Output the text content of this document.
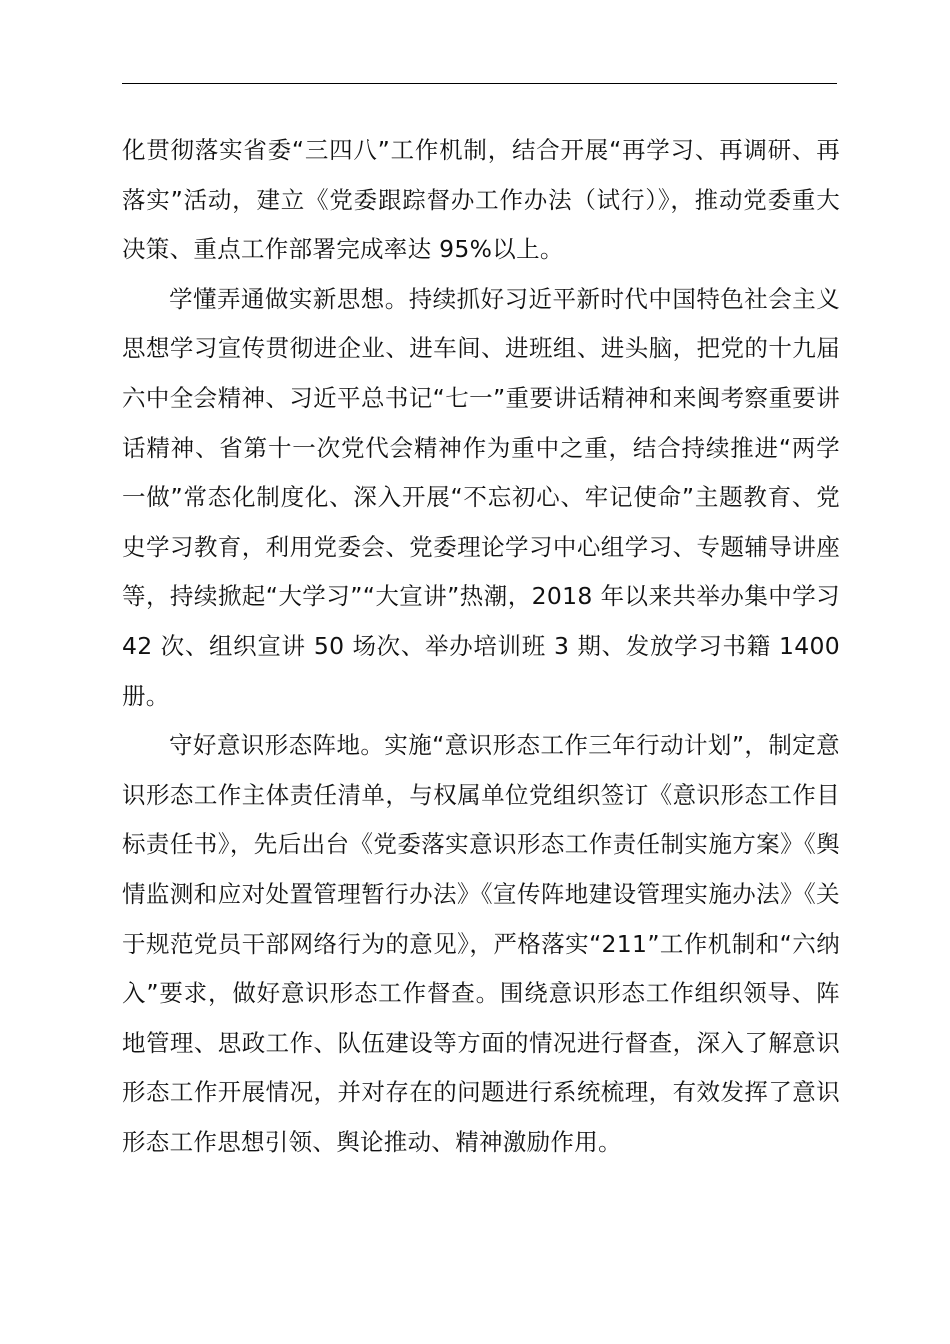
化贯彻落实省委“三四八”工作机制，结合开展“再学习、再调研、再落实”活动，建立《党委跟踪督办工作办法（试行）》，推动党委重大决策、重点工作部署完成率达 95%以上。

学懂弄通做实新思想。持续抓好习近平新时代中国特色社会主义思想学习宣传贯彻进企业、进车间、进班组、进头脑，把党的十九届六中全会精神、习近平总书记“七一”重要讲话精神和来闽考察重要讲话精神、省第十一次党代会精神作为重中之重，结合持续推进“两学一做”常态化制度化、深入开展“不忘初心、牢记使命”主题教育、党史学习教育，利用党委会、党委理论学习中心组学习、专题辅导讲座等，持续掀起“大学习”“大宣讲”热潮，2018 年以来共举办集中学习 42 次、组织宣讲 50 场次、举办培训班 3 期、发放学习书籍 1400 册。

守好意识形态阵地。实施“意识形态工作三年行动计划”，制定意识形态工作主体责任清单，与权属单位党组织签订《意识形态工作目标责任书》，先后出台《党委落实意识形态工作责任制实施方案》《舆情监测和应对处置管理暂行办法》《宣传阵地建设管理实施办法》《关于规范党员干部网络行为的意见》，严格落实“211”工作机制和“六纳入”要求，做好意识形态工作督查。围绕意识形态工作组织领导、阵地管理、思政工作、队伍建设等方面的情况进行督查，深入了解意识形态工作开展情况，并对存在的问题进行系统梳理，有效发挥了意识形态工作思想引领、舆论推动、精神激励作用。
